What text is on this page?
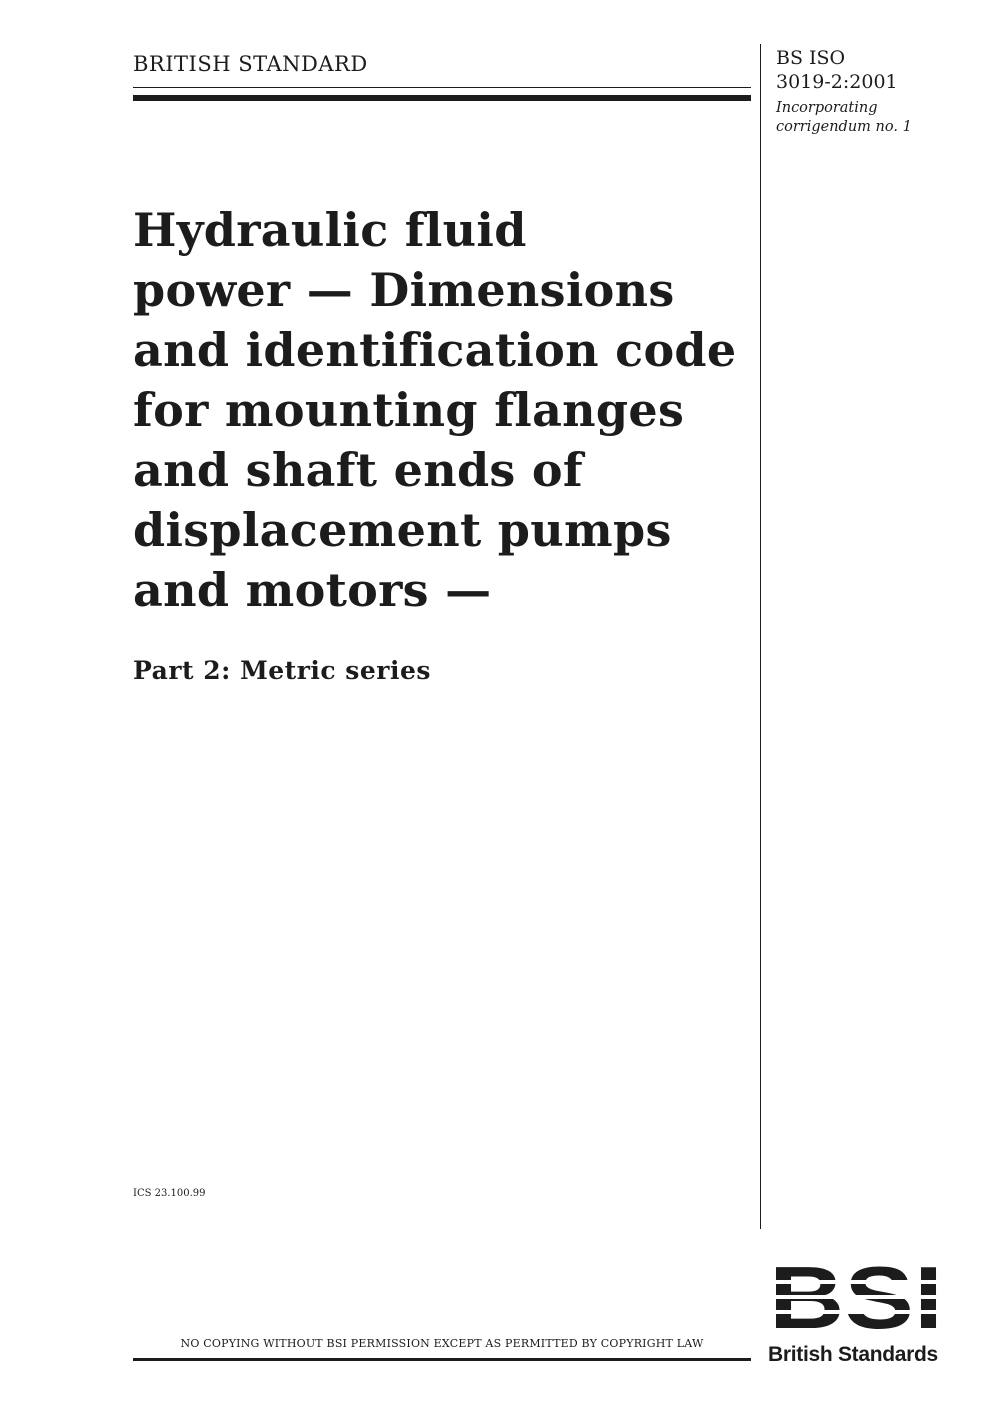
BRITISH STANDARD	BS ISO
3019-2:2001
Incorporating
corrigendum no. 1
Hydraulic fluid
power — Dimensions
and identification code
for mounting flanges
and shaft ends of
displacement pumps
and motors —
Part 2: Metric series
ICS 23.100.99
NO COPYING WITHOUT BSI PERMISSION EXCEPT AS PERMITTED BY COPYRIGHT LAW	British Standards
